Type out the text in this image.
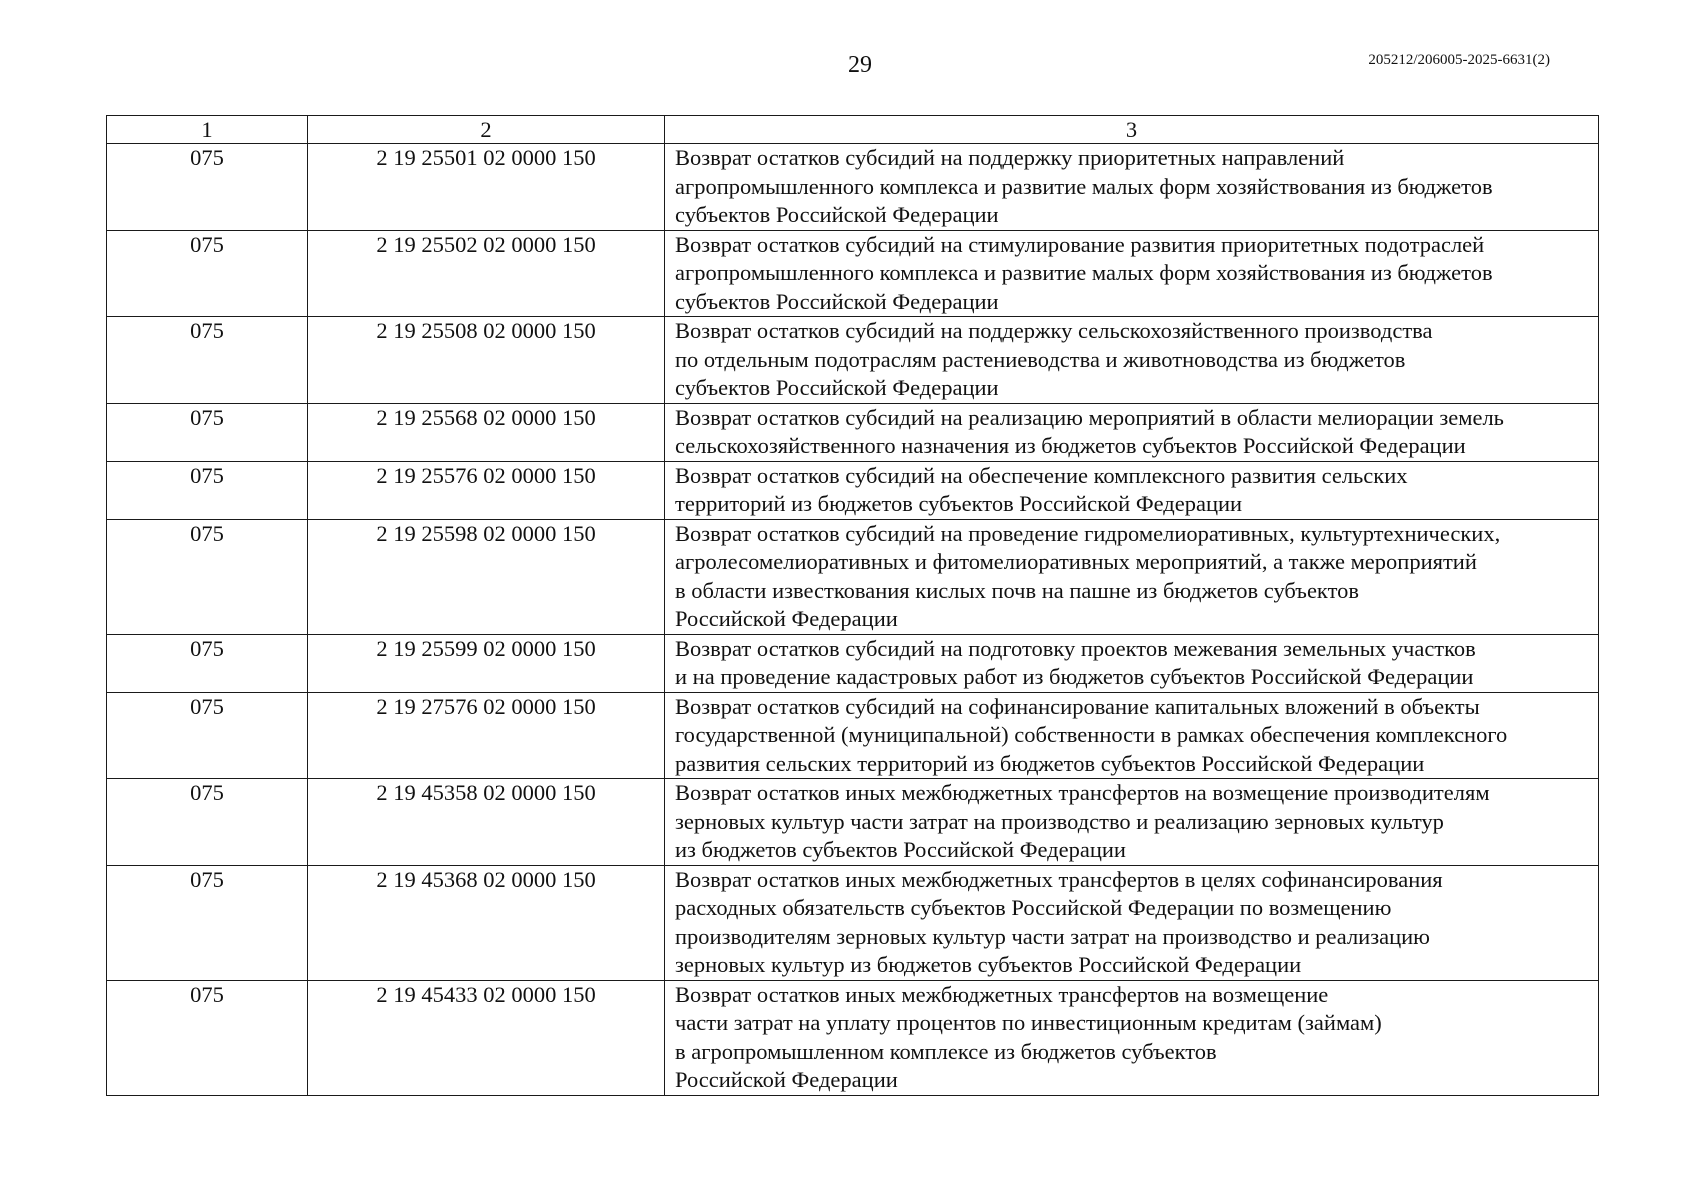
29	205212/206005-2025-6631(2)
1	2	3
075	2 19 25501 02 0000 150	Возврат остатков субсидий на поддержку приоритетных направлений
агропромышленного комплекса и развитие малых форм хозяйствования из бюджетов
субъектов Российской Федерации
075	2 19 25502 02 0000 150	Возврат остатков субсидий на стимулирование развития приоритетных подотраслей
агропромышленного комплекса и развитие малых форм хозяйствования из бюджетов
субъектов Российской Федерации
075	2 19 25508 02 0000 150	Возврат остатков субсидий на поддержку сельскохозяйственного производства
по отдельным подотраслям растениеводства и животноводства из бюджетов
субъектов Российской Федерации
075	2 19 25568 02 0000 150	Возврат остатков субсидий на реализацию мероприятий в области мелиорации земель
сельскохозяйственного назначения из бюджетов субъектов Российской Федерации
075	2 19 25576 02 0000 150	Возврат остатков субсидий на обеспечение комплексного развития сельских
территорий из бюджетов субъектов Российской Федерации
075	2 19 25598 02 0000 150	Возврат остатков субсидий на проведение гидромелиоративных, культуртехнических,
агролесомелиоративных и фитомелиоративных мероприятий, а также мероприятий
в области известкования кислых почв на пашне из бюджетов субъектов
Российской Федерации
075	2 19 25599 02 0000 150	Возврат остатков субсидий на подготовку проектов межевания земельных участков
и на проведение кадастровых работ из бюджетов субъектов Российской Федерации
075	2 19 27576 02 0000 150	Возврат остатков субсидий на софинансирование капитальных вложений в объекты
государственной (муниципальной) собственности в рамках обеспечения комплексного
развития сельских территорий из бюджетов субъектов Российской Федерации
075	2 19 45358 02 0000 150	Возврат остатков иных межбюджетных трансфертов на возмещение производителям
зерновых культур части затрат на производство и реализацию зерновых культур
из бюджетов субъектов Российской Федерации
075	2 19 45368 02 0000 150	Возврат остатков иных межбюджетных трансфертов в целях софинансирования
расходных обязательств субъектов Российской Федерации по возмещению
производителям зерновых культур части затрат на производство и реализацию
зерновых культур из бюджетов субъектов Российской Федерации
075	2 19 45433 02 0000 150	Возврат остатков иных межбюджетных трансфертов на возмещение
части затрат на уплату процентов по инвестиционным кредитам (займам)
в агропромышленном комплексе из бюджетов субъектов
Российской Федерации
